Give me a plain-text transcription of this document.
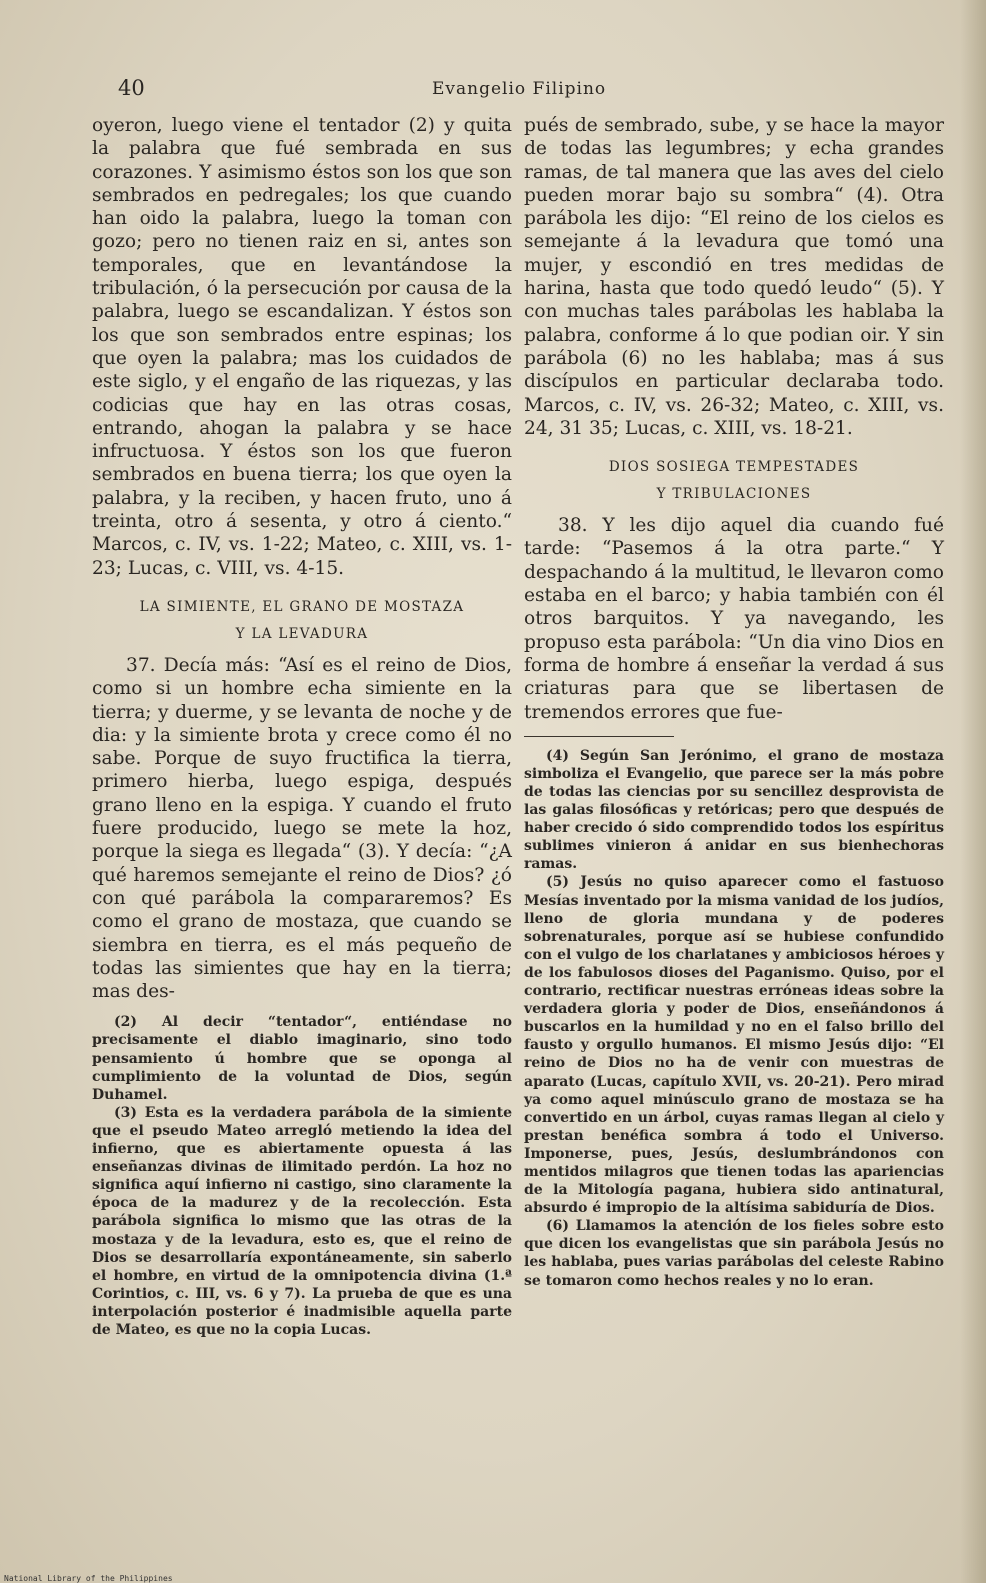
40	Evangelio Filipino

oyeron, luego viene el tentador (2) y quita la palabra que fué sembrada en sus corazones. Y asimismo éstos son los que son sembrados en pedregales; los que cuando han oido la palabra, luego la toman con gozo; pero no tienen raiz en si, antes son temporales, que en levantándose la tribulación, ó la persecución por causa de la palabra, luego se escandalizan. Y éstos son los que son sembrados entre espinas; los que oyen la palabra; mas los cuidados de este siglo, y el engaño de las riquezas, y las codicias que hay en las otras cosas, entrando, ahogan la palabra y se hace infructuosa. Y éstos son los que fueron sembrados en buena tierra; los que oyen la palabra, y la reciben, y hacen fruto, uno á treinta, otro á sesenta, y otro á ciento.“ Marcos, c. IV, vs. 1-22; Mateo, c. XIII, vs. 1-23; Lucas, c. VIII, vs. 4-15.

LA SIMIENTE, EL GRANO DE MOSTAZA
Y LA LEVADURA

37. Decía más: “Así es el reino de Dios, como si un hombre echa simiente en la tierra; y duerme, y se levanta de noche y de dia: y la simiente brota y crece como él no sabe. Porque de suyo fructifica la tierra, primero hierba, luego espiga, después grano lleno en la espiga. Y cuando el fruto fuere producido, luego se mete la hoz, porque la siega es llegada“ (3). Y decía: “¿A qué haremos semejante el reino de Dios? ¿ó con qué parábola la compararemos? Es como el grano de mostaza, que cuando se siembra en tierra, es el más pequeño de todas las simientes que hay en la tierra; mas des-

(2) Al decir “tentador“, entiéndase no precisamente el diablo imaginario, sino todo pensamiento ú hombre que se oponga al cumplimiento de la voluntad de Dios, según Duhamel.

(3) Esta es la verdadera parábola de la simiente que el pseudo Mateo arregló metiendo la idea del infierno, que es abiertamente opuesta á las enseñanzas divinas de ilimitado perdón. La hoz no significa aquí infierno ni castigo, sino claramente la época de la madurez y de la recolección. Esta parábola significa lo mismo que las otras de la mostaza y de la levadura, esto es, que el reino de Dios se desarrollaría expontáneamente, sin saberlo el hombre, en virtud de la omnipotencia divina (1.ª Corintios, c. III, vs. 6 y 7). La prueba de que es una interpolación posterior é inadmisible aquella parte de Mateo, es que no la copia Lucas.

pués de sembrado, sube, y se hace la mayor de todas las legumbres; y echa grandes ramas, de tal manera que las aves del cielo pueden morar bajo su sombra“ (4). Otra parábola les dijo: “El reino de los cielos es semejante á la levadura que tomó una mujer, y escondió en tres medidas de harina, hasta que todo quedó leudo“ (5). Y con muchas tales parábolas les hablaba la palabra, conforme á lo que podian oir. Y sin parábola (6) no les hablaba; mas á sus discípulos en particular declaraba todo. Marcos, c. IV, vs. 26-32; Mateo, c. XIII, vs. 24, 31 35; Lucas, c. XIII, vs. 18-21.

DIOS SOSIEGA TEMPESTADES
Y TRIBULACIONES

38. Y les dijo aquel dia cuando fué tarde: “Pasemos á la otra parte.“ Y despachando á la multitud, le llevaron como estaba en el barco; y habia también con él otros barquitos. Y ya navegando, les propuso esta parábola: “Un dia vino Dios en forma de hombre á enseñar la verdad á sus criaturas para que se libertasen de tremendos errores que fue-

(4) Según San Jerónimo, el grano de mostaza simboliza el Evangelio, que parece ser la más pobre de todas las ciencias por su sencillez desprovista de las galas filosóficas y retóricas; pero que después de haber crecido ó sido comprendido todos los espíritus sublimes vinieron á anidar en sus bienhechoras ramas.

(5) Jesús no quiso aparecer como el fastuoso Mesías inventado por la misma vanidad de los judíos, lleno de gloria mundana y de poderes sobrenaturales, porque así se hubiese confundido con el vulgo de los charlatanes y ambiciosos héroes y de los fabulosos dioses del Paganismo. Quiso, por el contrario, rectificar nuestras erróneas ideas sobre la verdadera gloria y poder de Dios, enseñándonos á buscarlos en la humildad y no en el falso brillo del fausto y orgullo humanos. El mismo Jesús dijo: “El reino de Dios no ha de venir con muestras de aparato (Lucas, capítulo XVII, vs. 20-21). Pero mirad ya como aquel minúsculo grano de mostaza se ha convertido en un árbol, cuyas ramas llegan al cielo y prestan benéfica sombra á todo el Universo. Imponerse, pues, Jesús, deslumbrándonos con mentidos milagros que tienen todas las apariencias de la Mitología pagana, hubiera sido antinatural, absurdo é impropio de la altísima sabiduría de Dios.

(6) Llamamos la atención de los fieles sobre esto que dicen los evangelistas que sin parábola Jesús no les hablaba, pues varias parábolas del celeste Rabino se tomaron como hechos reales y no lo eran.

National Library of the Philippines
